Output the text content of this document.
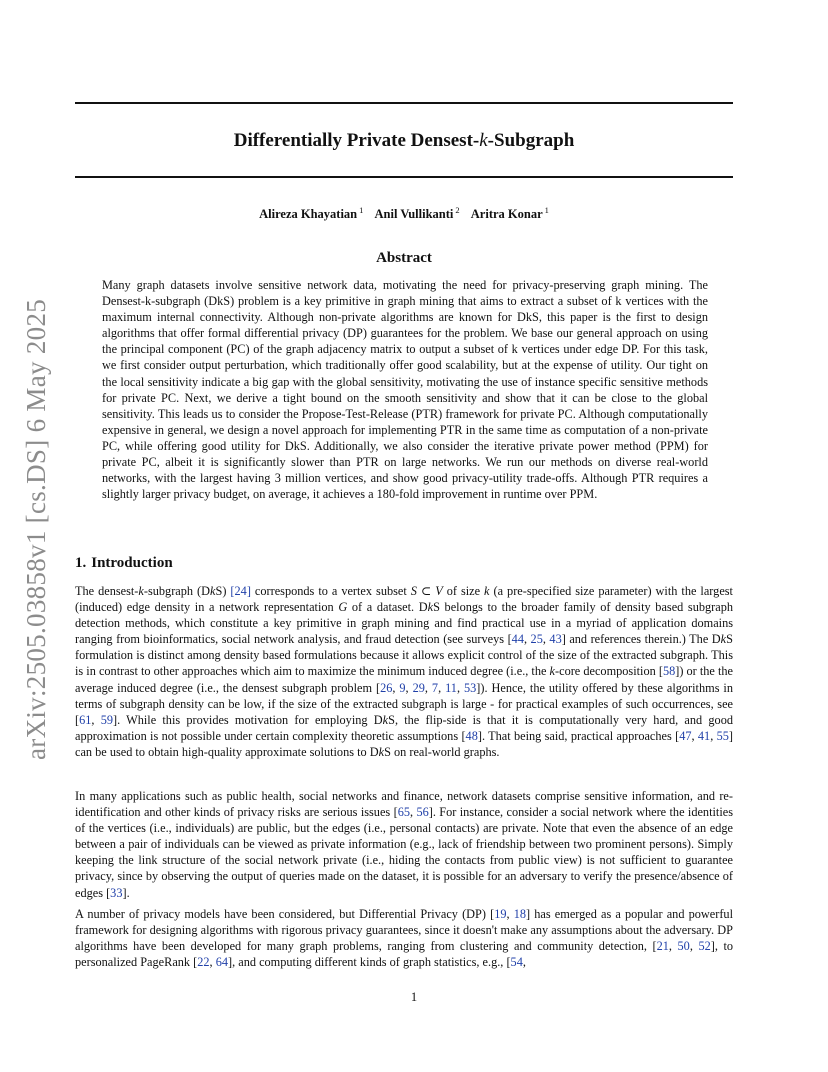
arXiv:2505.03858v1 [cs.DS] 6 May 2025
Differentially Private Densest-k-Subgraph
Alireza Khayatian $^1$ Anil Vullikanti $^2$ Aritra Konar $^1$
Abstract

Many graph datasets involve sensitive network data, motivating the need for privacy-preserving graph mining. The Densest-k-subgraph (DkS) problem is a key primitive in graph mining that aims to extract a subset of k vertices with the maximum internal connectivity. Although non-private algorithms are known for DkS, this paper is the first to design algorithms that offer formal differential privacy (DP) guarantees for the problem. We base our general approach on using the principal component (PC) of the graph adjacency matrix to output a subset of k vertices under edge DP. For this task, we first consider output perturbation, which traditionally offer good scalability, but at the expense of utility. Our tight on the local sensitivity indicate a big gap with the global sensitivity, motivating the use of instance specific sensitive methods for private PC. Next, we derive a tight bound on the smooth sensitivity and show that it can be close to the global sensitivity. This leads us to consider the Propose-Test-Release (PTR) framework for private PC. Although computationally expensive in general, we design a novel approach for implementing PTR in the same time as computation of a non-private PC, while offering good utility for DkS. Additionally, we also consider the iterative private power method (PPM) for private PC, albeit it is significantly slower than PTR on large networks. We run our methods on diverse real-world networks, with the largest having 3 million vertices, and show good privacy-utility trade-offs. Although PTR requires a slightly larger privacy budget, on average, it achieves a 180-fold improvement in runtime over PPM.

1. Introduction

The densest-k-subgraph (DkS) [24] corresponds to a vertex subset S ⊂ V of size k (a pre-specified size parameter) with the largest (induced) edge density in a network representation G of a dataset. DkS belongs to the broader family of density based subgraph detection methods, which constitute a key primitive in graph mining and find practical use in a myriad of application domains ranging from bioinformatics, social network analysis, and fraud detection (see surveys [44, 25, 43] and references therein.) The DkS formulation is distinct among density based formulations because it allows explicit control of the size of the extracted subgraph. This is in contrast to other approaches which aim to maximize the minimum induced degree (i.e., the k-core decomposition [58]) or the the average induced degree (i.e., the densest subgraph problem [26, 9, 29, 7, 11, 53]). Hence, the utility offered by these algorithms in terms of subgraph density can be low, if the size of the extracted subgraph is large - for practical examples of such occurrences, see [61, 59]. While this provides motivation for employing DkS, the flip-side is that it is computationally very hard, and good approximation is not possible under certain complexity theoretic assumptions [48]. That being said, practical approaches [47, 41, 55] can be used to obtain high-quality approximate solutions to DkS on real-world graphs.

In many applications such as public health, social networks and finance, network datasets comprise sensitive information, and re-identification and other kinds of privacy risks are serious issues [65, 56]. For instance, consider a social network where the identities of the vertices (i.e., individuals) are public, but the edges (i.e., personal contacts) are private. Note that even the absence of an edge between a pair of individuals can be viewed as private information (e.g., lack of friendship between two prominent persons). Simply keeping the link structure of the social network private (i.e., hiding the contacts from public view) is not sufficient to guarantee privacy, since by observing the output of queries made on the dataset, it is possible for an adversary to verify the presence/absence of edges [33].

A number of privacy models have been considered, but Differential Privacy (DP) [19, 18] has emerged as a popular and powerful framework for designing algorithms with rigorous privacy guarantees, since it doesn't make any assumptions about the adversary. DP algorithms have been developed for many graph problems, ranging from clustering and community detection, [21, 50, 52], to personalized PageRank [22, 64], and computing different kinds of graph statistics, e.g., [54,

1
